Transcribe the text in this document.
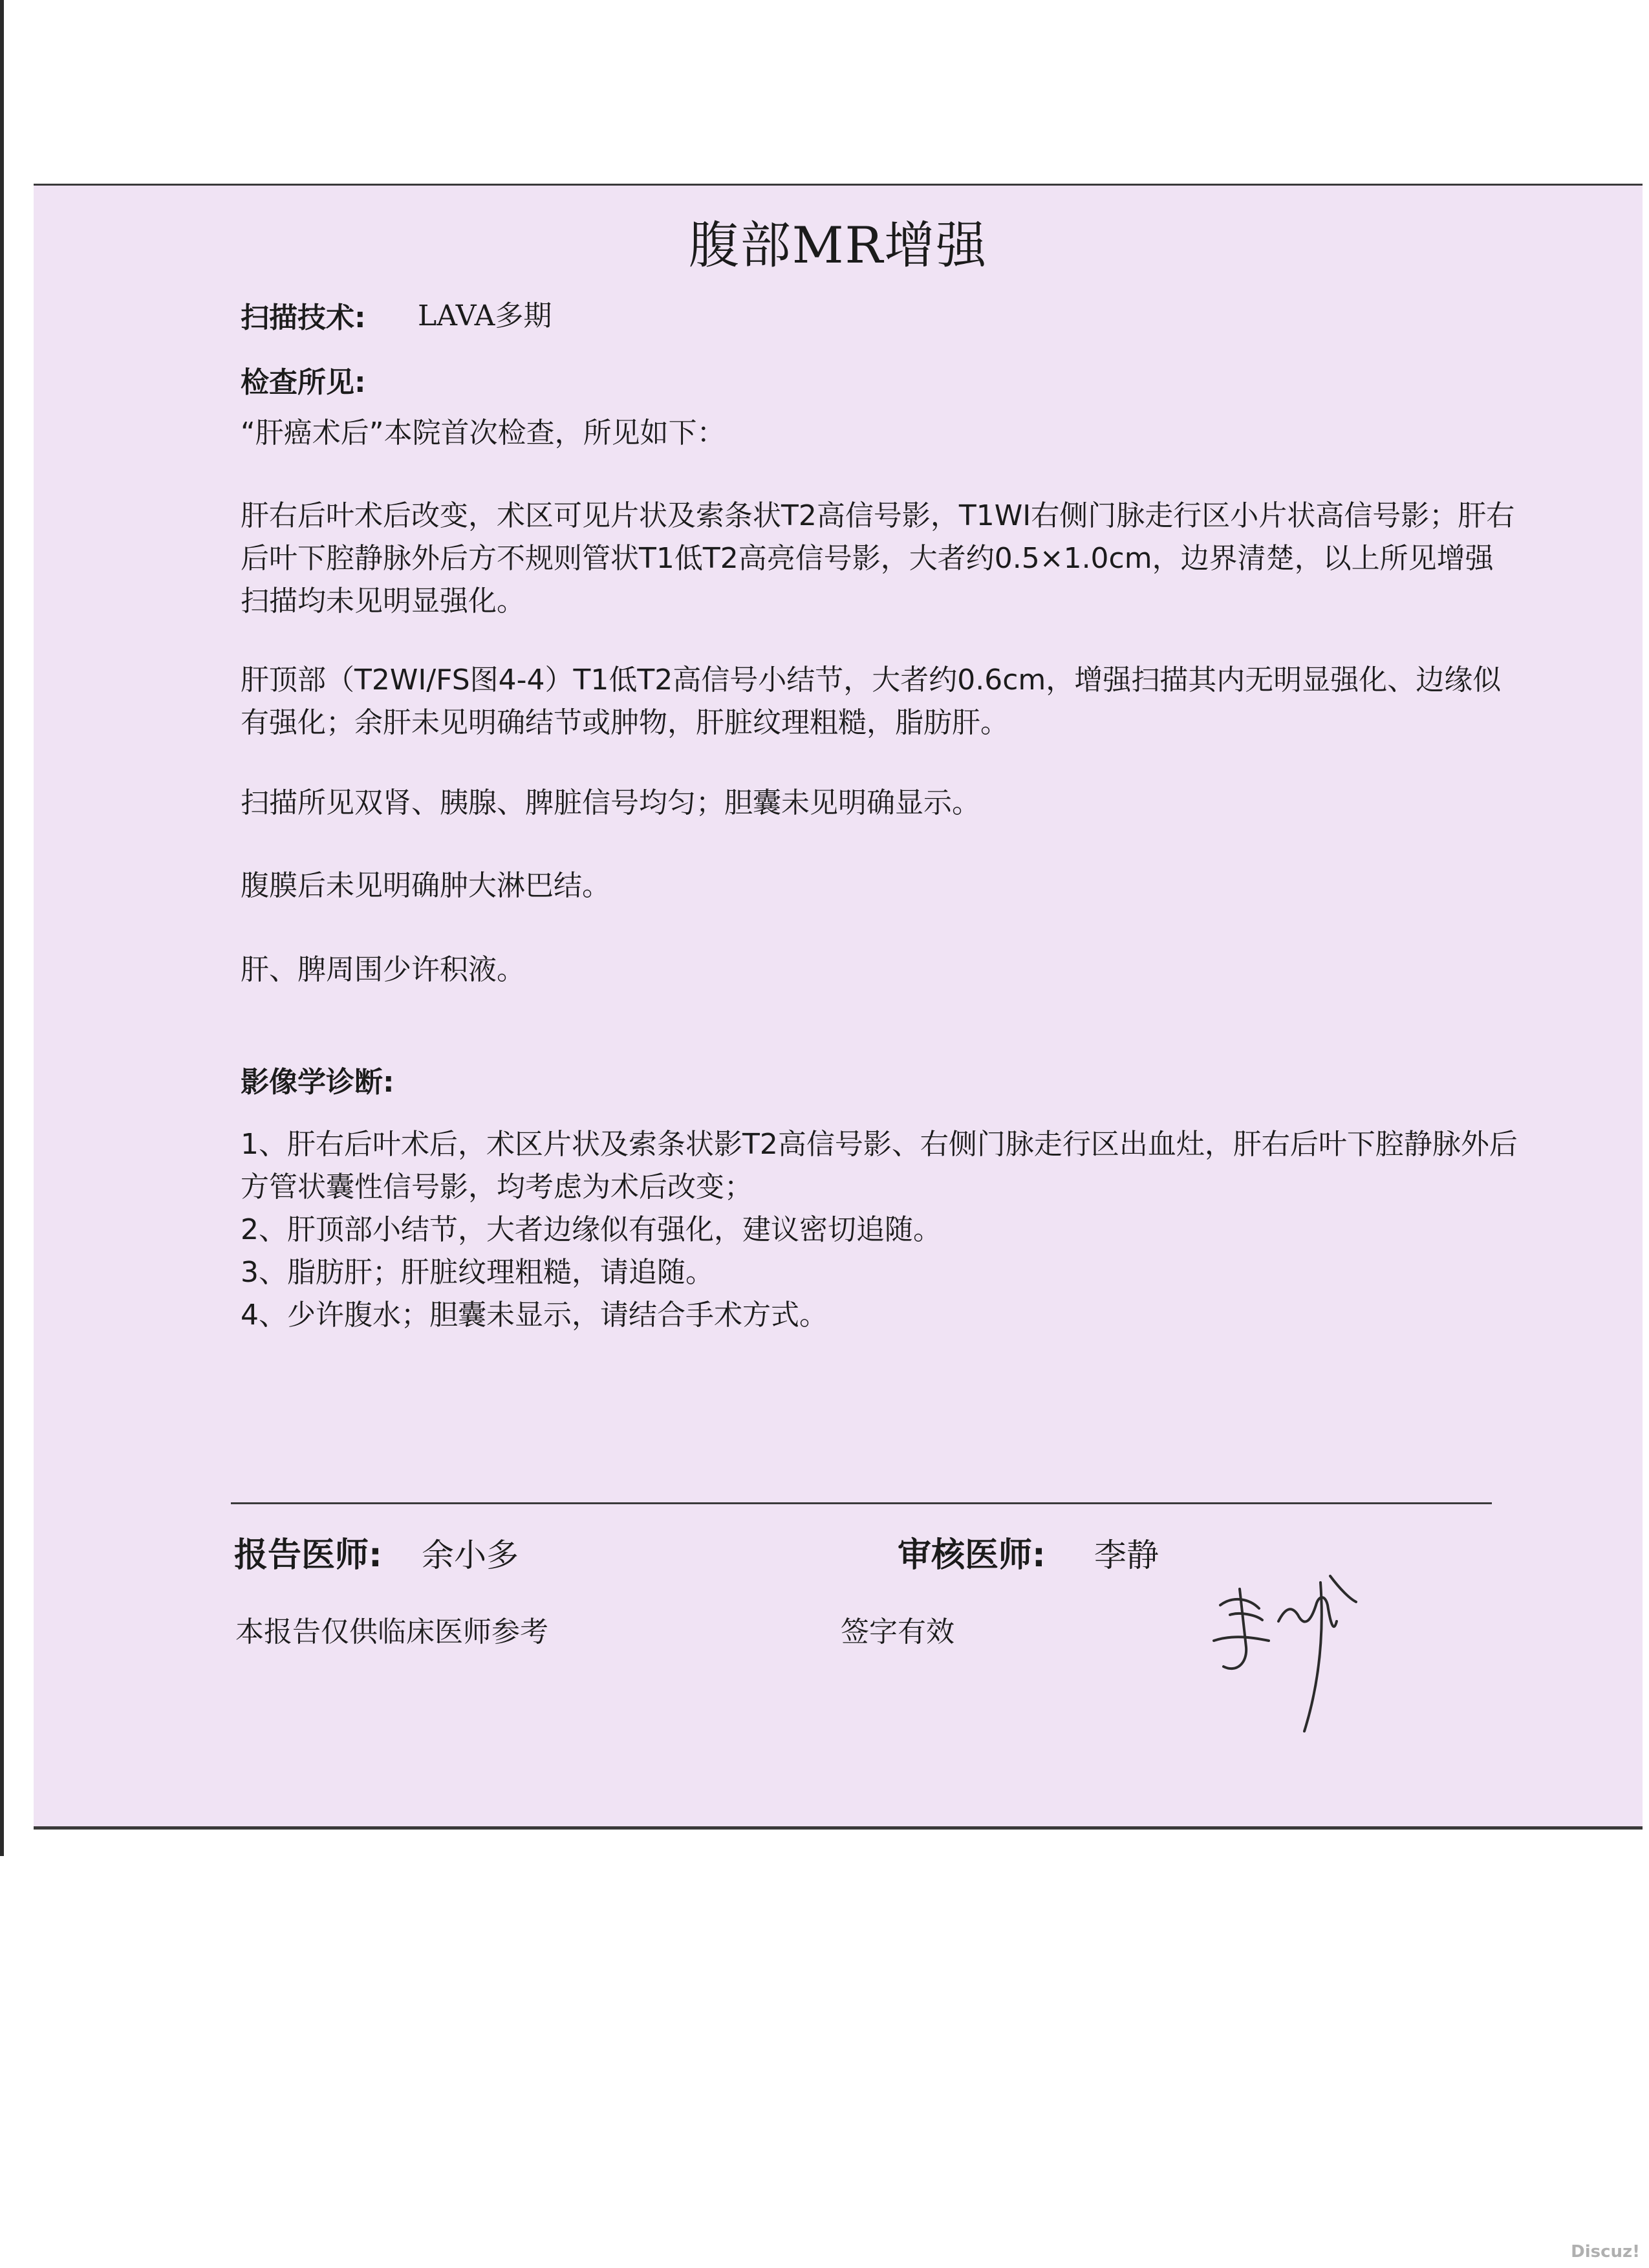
腹部MR增强
扫描技术: LAVA多期
检查所见:

“肝癌术后”本院首次检查，所见如下：

肝右后叶术后改变，术区可见片状及索条状T2高信号影，T1WI右侧门脉走行区小片状高信号影；肝右后叶下腔静脉外后方不规则管状T1低T2高亮信号影，大者约0.5×1.0cm，边界清楚，以上所见增强扫描均未见明显强化。

肝顶部（T2WI/FS图4-4）T1低T2高信号小结节，大者约0.6cm，增强扫描其内无明显强化、边缘似有强化；余肝未见明确结节或肿物，肝脏纹理粗糙，脂肪肝。

扫描所见双肾、胰腺、脾脏信号均匀；胆囊未见明确显示。

腹膜后未见明确肿大淋巴结。

肝、脾周围少许积液。

影像学诊断:

1、肝右后叶术后，术区片状及索条状影T2高信号影、右侧门脉走行区出血灶，肝右后叶下腔静脉外后方管状囊性信号影，均考虑为术后改变；

2、肝顶部小结节，大者边缘似有强化，建议密切追随。

3、脂肪肝；肝脏纹理粗糙，请追随。

4、少许腹水；胆囊未显示，请结合手术方式。

报告医师: 余小多	审核医师: 李静
本报告仅供临床医师参考	签字有效
Discuz!
